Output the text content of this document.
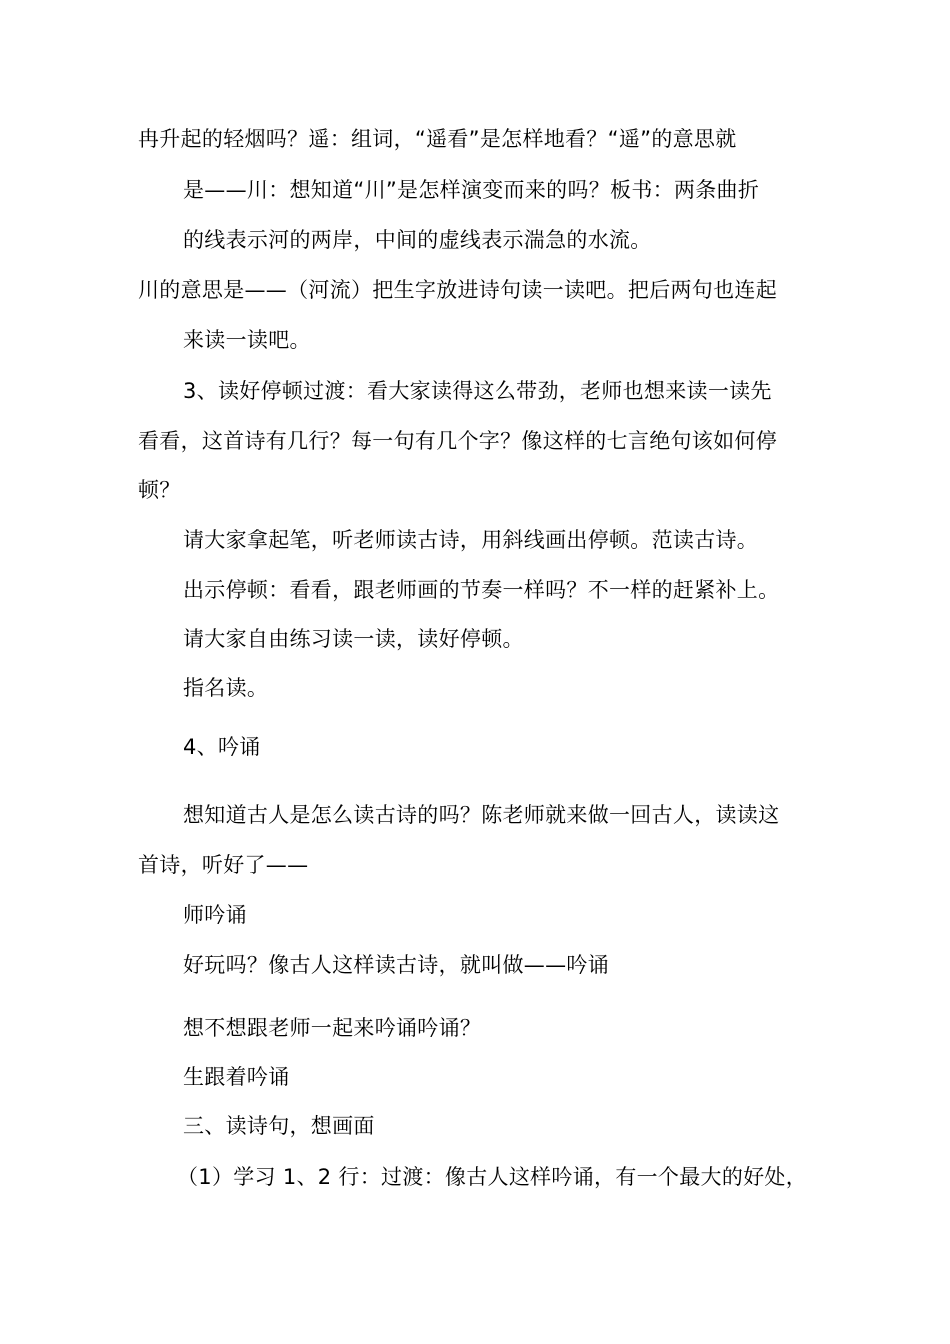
冉升起的轻烟吗？遥：组词，“遥看”是怎样地看？“遥”的意思就

是——川：想知道“川”是怎样演变而来的吗？板书：两条曲折

的线表示河的两岸，中间的虚线表示湍急的水流。

川的意思是——（河流）把生字放进诗句读一读吧。把后两句也连起

来读一读吧。

3、读好停顿过渡：看大家读得这么带劲，老师也想来读一读先

看看，这首诗有几行？每一句有几个字？像这样的七言绝句该如何停

顿？

请大家拿起笔，听老师读古诗，用斜线画出停顿。范读古诗。

出示停顿：看看，跟老师画的节奏一样吗？不一样的赶紧补上。

请大家自由练习读一读，读好停顿。

指名读。

4、吟诵

想知道古人是怎么读古诗的吗？陈老师就来做一回古人，读读这

首诗，听好了——

师吟诵

好玩吗？像古人这样读古诗，就叫做——吟诵

想不想跟老师一起来吟诵吟诵？

生跟着吟诵

三、读诗句，想画面

（1）学习 1、2 行：过渡：像古人这样吟诵，有一个最大的好处，
